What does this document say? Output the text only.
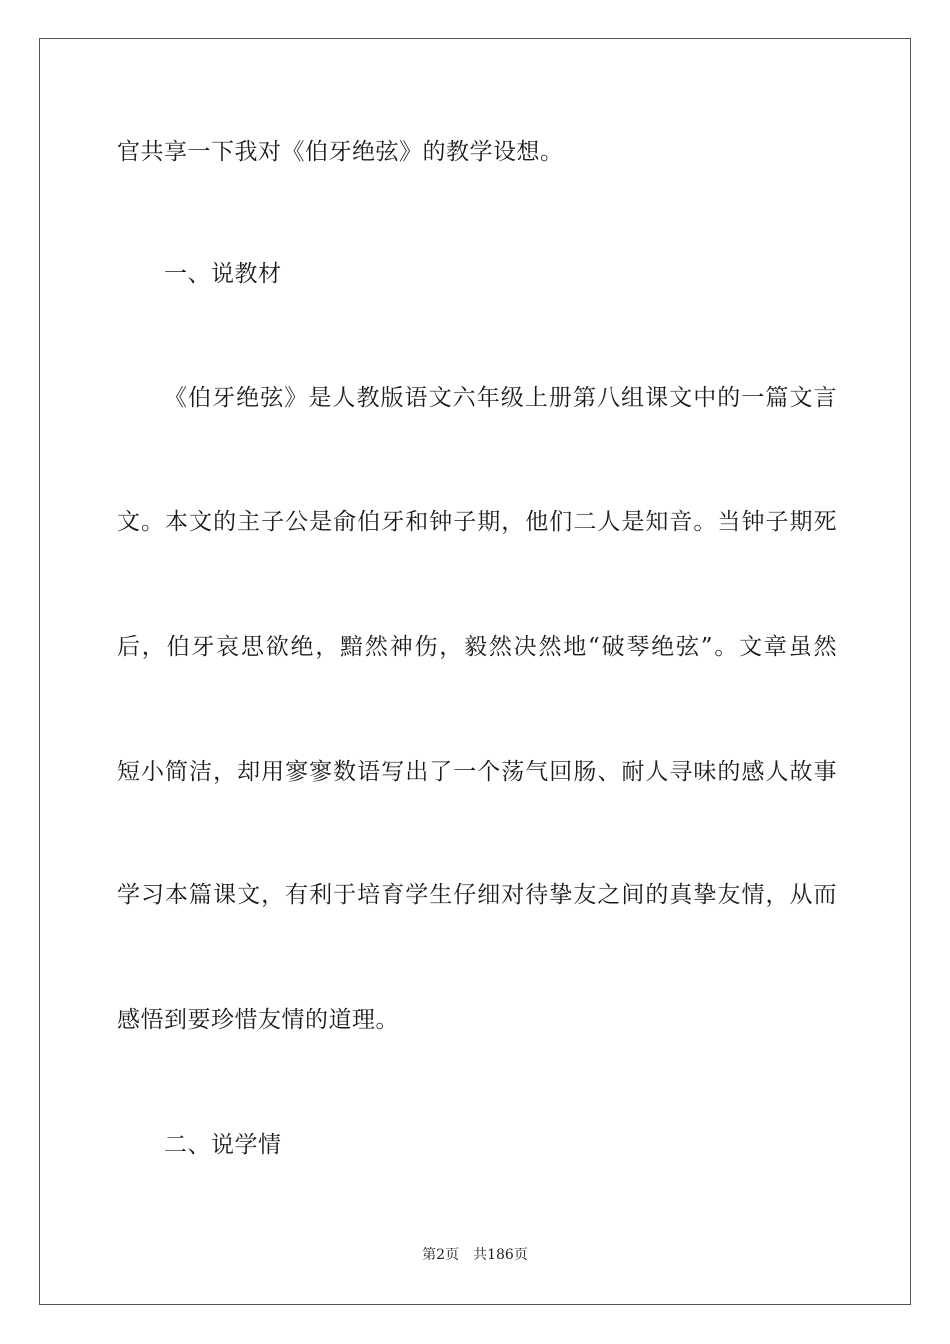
官共享一下我对《伯牙绝弦》的教学设想。
一、说教材
《伯牙绝弦》是人教版语文六年级上册第八组课文中的一篇文言
文。本文的主子公是俞伯牙和钟子期，他们二人是知音。当钟子期死
后，伯牙哀思欲绝，黯然神伤，毅然决然地“破琴绝弦”。文章虽然
短小简洁，却用寥寥数语写出了一个荡气回肠、耐人寻味的感人故事
学习本篇课文，有利于培育学生仔细对待挚友之间的真挚友情，从而
感悟到要珍惜友情的道理。
二、说学情
第2页 共186页
